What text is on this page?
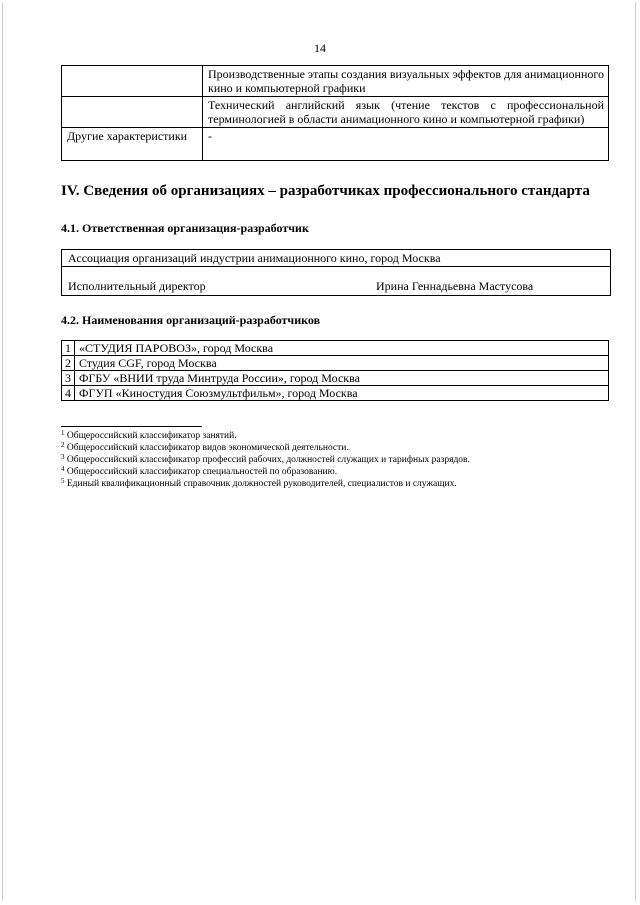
14
	Производственные этапы создания визуальных эффектов для анимационного кино и компьютерной графики
	Технический английский язык (чтение текстов с профессиональной терминологией в области анимационного кино и компьютерной графики)
Другие характеристики	-
IV. Сведения об организациях – разработчиках профессионального стандарта
4.1. Ответственная организация-разработчик
Ассоциация организаций индустрии анимационного кино, город Москва
Исполнительный директор	Ирина Геннадьевна Мастусова
4.2. Наименования организаций-разработчиков
1	«СТУДИЯ ПАРОВОЗ», город Москва	
2	Студия CGF, город Москва	
3	ФГБУ «ВНИИ труда Минтруда России», город Москва	
4	ФГУП «Киностудия Союзмультфильм», город Москва	
$^1$ Общероссийский классификатор занятий.
$^2$ Общероссийский классификатор видов экономической деятельности.
$^3$ Общероссийский классификатор профессий рабочих, должностей служащих и тарифных разрядов.
$^4$ Общероссийский классификатор специальностей по образованию.
$^5$ Единый квалификационный справочник должностей руководителей, специалистов и служащих.
